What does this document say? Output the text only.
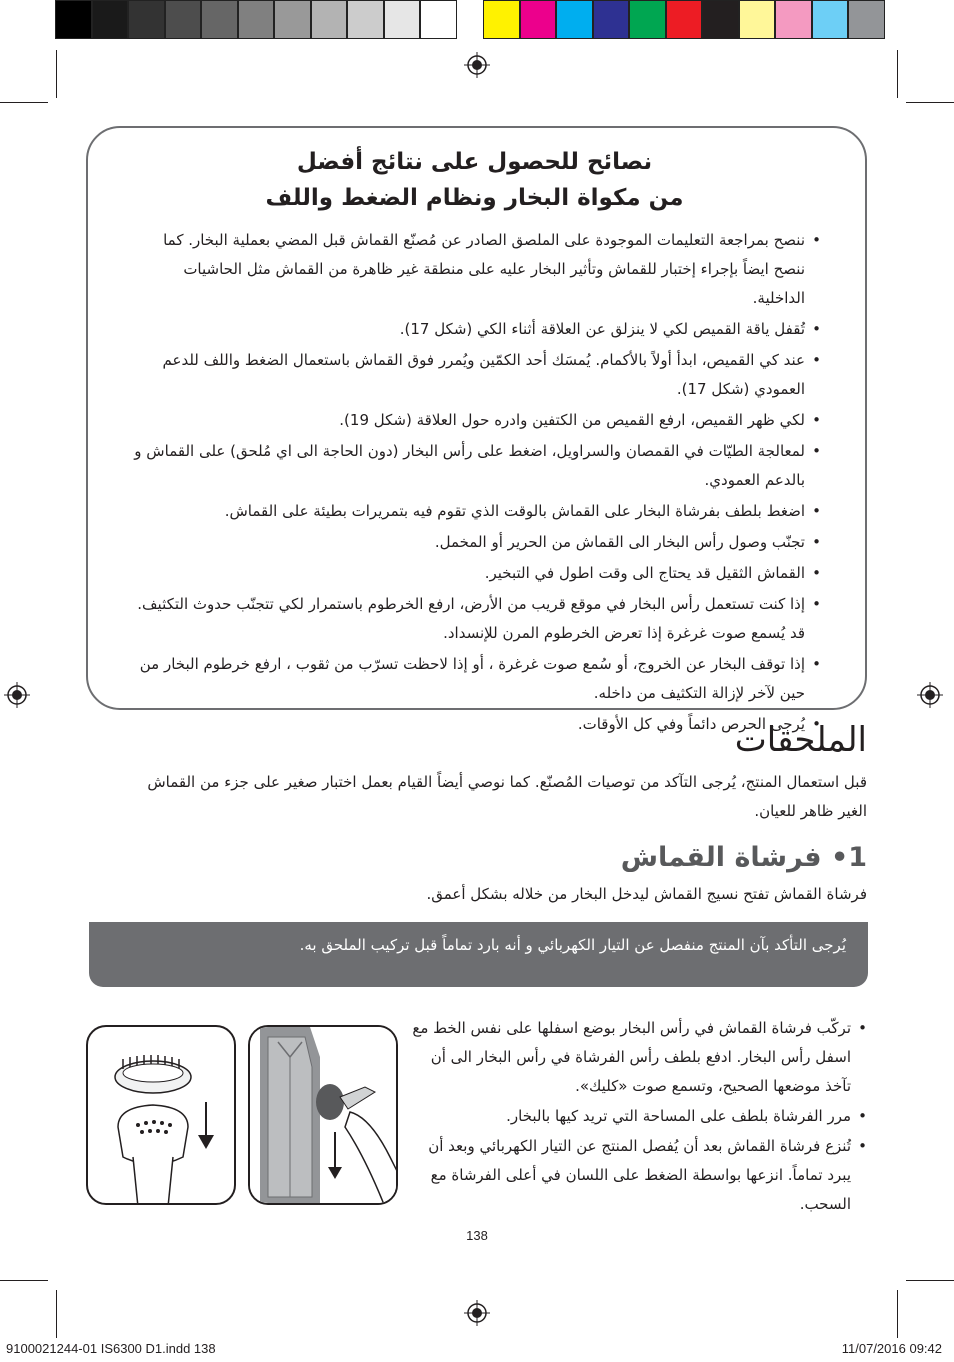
نصائح للحصول على نتائج أفضل
من مكواة البخار ونظام الضغط واللف
• ننصح بمراجعة التعليمات الموجودة على الملصق الصادر عن مُصنّع القماش قبل المضي بعملية البخار. كما ننصح ايضاً بإجراء إختبار للقماش وتأثير البخار عليه على منطقة غير ظاهرة من القماش مثل الحاشيات الداخلية.
• تُقفل ياقة القميص لكي لا ينزلق عن العلاقة أثناء الكي (شكل 17).
• عند كي القميص، ابدأ أولاً بالأكمام. يُمسَك أحد الكمّين ويُمرر فوق القماش باستعمال الضغط واللف للدعم العمودي (شكل 17).
• لكي ظهر القميص، ارفع القميص من الكتفين وادره حول العلاقة (شكل 19).
• لمعالجة الطيّات في القمصان والسراويل، اضغط على رأس البخار (دون الحاجة الى اي مُلحق) على القماش و بالدعم العمودي.
• اضغط بلطف بفرشاة البخار على القماش بالوقت الذي تقوم فيه بتمريرات بطيئة على القماش.
• تجنّب وصول رأس البخار الى القماش من الحرير أو المخمل.
• القماش الثقيل قد يحتاج الى وقت اطول في التبخير.
• إذا كنت تستعمل رأس البخار في موقع قريب من الأرض، ارفع الخرطوم باستمرار لكي تتجنّب حدوث التكثيف. قد يُسمع صوت غرغرة إذا تعرض الخرطوم المرن للإنسداد.
• إذا توقف البخار عن الخروج، أو سُمع صوت غرغرة ، أو إذا لاحظت تسرّب من ثقوب ، ارفع خرطوم البخار من حين لآخر لإزالة التكثيف من داخله.
• يُرجى الحرص دائماً وفي كل الأوقات.
الملحقات

قبل استعمال المنتج، يُرجى التآكد من توصيات المُصنّع. كما نوصي أيضاً القيام بعمل اختبار صغير على جزء من القماش الغير ظاهر للعيان.

1• فرشاة القماش

فرشاة القماش تفتح نسيج القماش ليدخل البخار من خلاله بشكل أعمق.

يُرجى التأكد بآن المنتج منفصل عن التيار الكهربائي و أنه بارد تماماً قبل تركيب الملحق به.
• تركّب فرشاة القماش في رأس البخار بوضع اسفلها على نفس الخط مع اسفل رأس البخار. ادفع بلطف رأس الفرشاة في رأس البخار الى أن تآخذ موضعها الصحيح، وتسمع صوت «كليك».
• مرر الفرشاة بلطف على المساحة التي تريد كيها بالبخار.
• تُنزع فرشاة القماش بعد أن يُفصل المنتج عن التيار الكهربائي وبعد أن يبرد تماماً. انزعها بواسطة الضغط على اللسان في أعلى الفرشاة مع السحب.
138
9100021244-01 IS6300 D1.indd 138	11/07/2016 09:42
